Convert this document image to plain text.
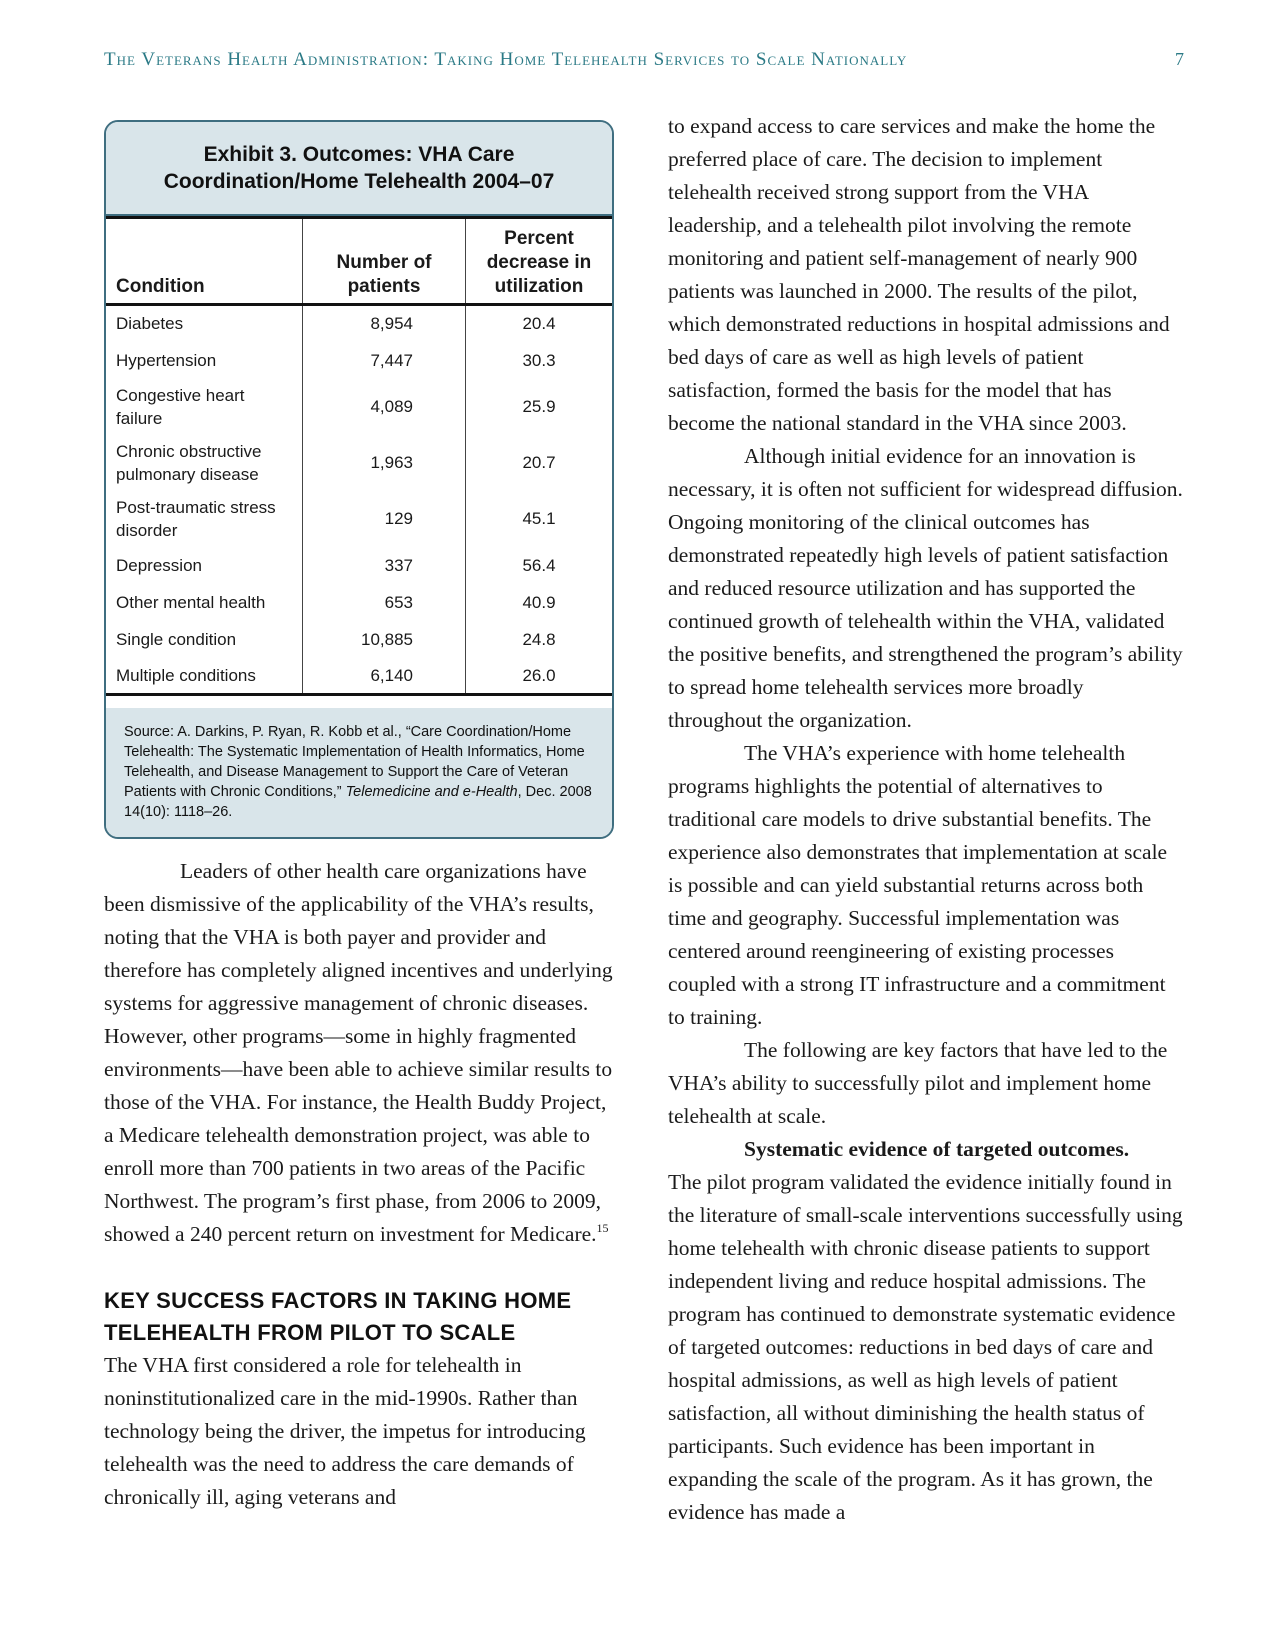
The Veterans Health Administration: Taking Home Telehealth Services to Scale Nationally	7
Exhibit 3. Outcomes: VHA Care Coordination/Home Telehealth 2004–07
Condition	Number of patients	Percent decrease in utilization
Diabetes	8,954	20.4
Hypertension	7,447	30.3
Congestive heart failure	4,089	25.9
Chronic obstructive pulmonary disease	1,963	20.7
Post-traumatic stress disorder	129	45.1
Depression	337	56.4
Other mental health	653	40.9
Single condition	10,885	24.8
Multiple conditions	6,140	26.0
Source: A. Darkins, P. Ryan, R. Kobb et al., “Care Coordination/Home Telehealth: The Systematic Implementation of Health Informatics, Home Telehealth, and Disease Management to Support the Care of Veteran Patients with Chronic Conditions,” Telemedicine and e-Health, Dec. 2008 14(10): 1118–26.

Leaders of other health care organizations have been dismissive of the applicability of the VHA’s results, noting that the VHA is both payer and provider and therefore has completely aligned incentives and underlying systems for aggressive management of chronic diseases. However, other programs—some in highly fragmented environments—have been able to achieve similar results to those of the VHA. For instance, the Health Buddy Project, a Medicare telehealth demonstration project, was able to enroll more than 700 patients in two areas of the Pacific Northwest. The program’s first phase, from 2006 to 2009, showed a 240 percent return on investment for Medicare.$^{15}$

KEY SUCCESS FACTORS IN TAKING HOME TELEHEALTH FROM PILOT TO SCALE

The VHA first considered a role for telehealth in noninstitutionalized care in the mid-1990s. Rather than technology being the driver, the impetus for introducing telehealth was the need to address the care demands of chronically ill, aging veterans and

to expand access to care services and make the home the preferred place of care. The decision to implement telehealth received strong support from the VHA leadership, and a telehealth pilot involving the remote monitoring and patient self-management of nearly 900 patients was launched in 2000. The results of the pilot, which demonstrated reductions in hospital admissions and bed days of care as well as high levels of patient satisfaction, formed the basis for the model that has become the national standard in the VHA since 2003.

Although initial evidence for an innovation is necessary, it is often not sufficient for widespread diffusion. Ongoing monitoring of the clinical outcomes has demonstrated repeatedly high levels of patient satisfaction and reduced resource utilization and has supported the continued growth of telehealth within the VHA, validated the positive benefits, and strengthened the program’s ability to spread home telehealth services more broadly throughout the organization.

The VHA’s experience with home telehealth programs highlights the potential of alternatives to traditional care models to drive substantial benefits. The experience also demonstrates that implementation at scale is possible and can yield substantial returns across both time and geography. Successful implementation was centered around reengineering of existing processes coupled with a strong IT infrastructure and a commitment to training.

The following are key factors that have led to the VHA’s ability to successfully pilot and implement home telehealth at scale.

Systematic evidence of targeted outcomes.

The pilot program validated the evidence initially found in the literature of small-scale interventions successfully using home telehealth with chronic disease patients to support independent living and reduce hospital admissions. The program has continued to demonstrate systematic evidence of targeted outcomes: reductions in bed days of care and hospital admissions, as well as high levels of patient satisfaction, all without diminishing the health status of participants. Such evidence has been important in expanding the scale of the program. As it has grown, the evidence has made a
